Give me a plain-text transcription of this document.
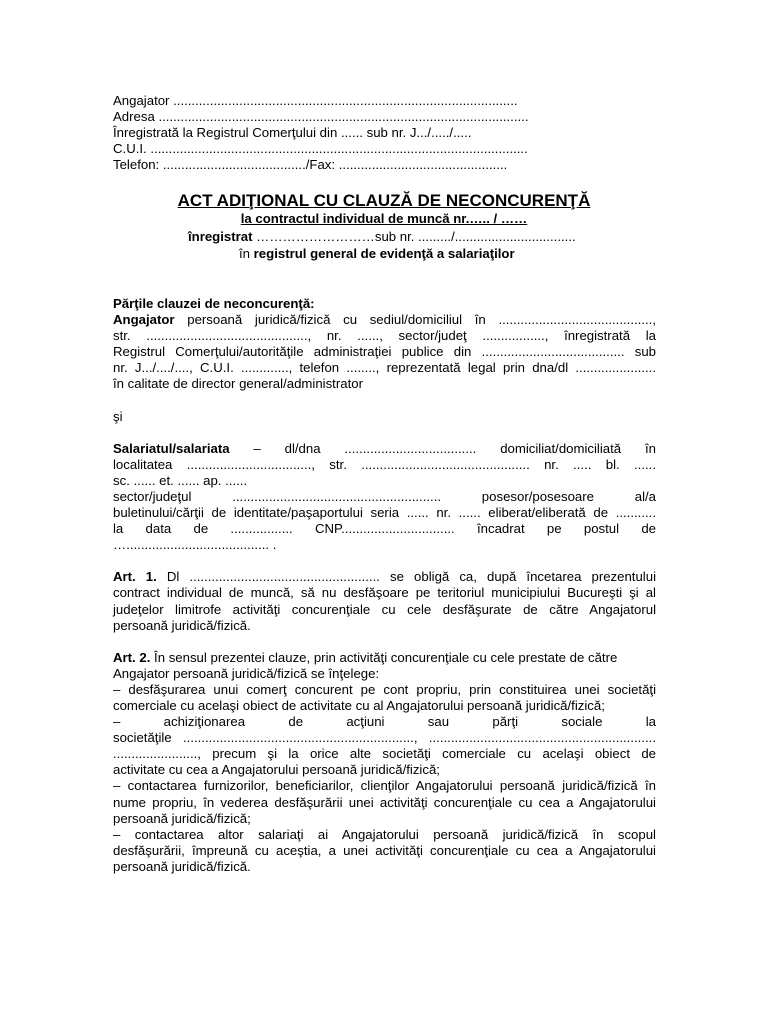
Angajator ..............................................................................................
Adresa .....................................................................................................
Înregistrată la Registrul Comerţului din ...... sub nr. J.../...../.....
C.U.I. .......................................................................................................
Telefon: ......................................./Fax: ..............................................
ACT ADIŢIONAL CU CLAUZĂ DE NECONCURENŢĂ
la contractul individual de muncă nr.….. / ……
înregistrat ………………………sub nr. ........./.................................
în registrul general de evidenţă a salariaţilor
Părţile clauzei de neconcurenţă:
Angajator persoană juridică/fizică cu sediul/domiciliul în ..........................................,
str. ............................................, nr. ......, sector/judeţ ................., înregistrată la
Registrul Comerţului/autorităţile administraţiei publice din ....................................... sub
nr. J.../..../...., C.U.I. ............., telefon ........, reprezentată legal prin dna/dl ......................
în calitate de director general/administrator
şi
Salariatul/salariata – dl/dna .................................... domiciliat/domiciliată în
localitatea .................................., str. .............................................. nr. ..... bl. ......
sc. ...... et. ...... ap. ......
sector/judeţul ......................................................... posesor/posesoare al/a
buletinului/cărţii de identitate/paşaportului seria ...... nr. ...... eliberat/eliberată de ...........
la data de ................. CNP............................... încadrat pe postul de
…....................................... .
Art. 1. Dl .................................................... se obligă ca, după încetarea prezentului
contract individual de muncă, să nu desfăşoare pe teritoriul municipiului Bucureşti şi al
judeţelor limitrofe activităţi concurenţiale cu cele desfăşurate de către Angajatorul
persoană juridică/fizică.
Art. 2. În sensul prezentei clauze, prin activităţi concurenţiale cu cele prestate de către
Angajator persoană juridică/fizică se înţelege:
– desfăşurarea unui comerţ concurent pe cont propriu, prin constituirea unei societăţi
comerciale cu acelaşi obiect de activitate cu al Angajatorului persoană juridică/fizică;
– achiziţionarea de acţiuni sau părţi sociale la
societăţile ..............................................................., ..............................................................
......................., precum şi la orice alte societăţi comerciale cu acelaşi obiect de
activitate cu cea a Angajatorului persoană juridică/fizică;
– contactarea furnizorilor, beneficiarilor, clienţilor Angajatorului persoană juridică/fizică în
nume propriu, în vederea desfăşurării unei activităţi concurenţiale cu cea a Angajatorului
persoană juridică/fizică;
– contactarea altor salariaţi ai Angajatorului persoană juridică/fizică în scopul
desfăşurării, împreună cu aceştia, a unei activităţi concurenţiale cu cea a Angajatorului
persoană juridică/fizică.
